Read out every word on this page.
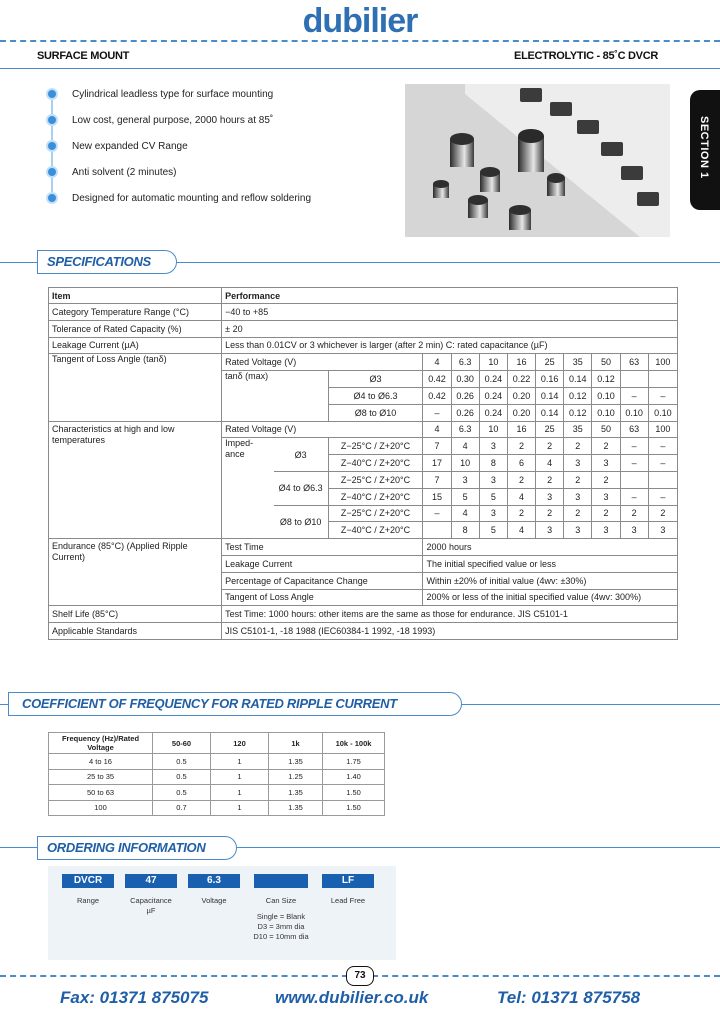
dubilier
SURFACE MOUNT	ELECTROLYTIC - 85˚C DVCR
SECTION 1
Cylindrical leadless type for surface mounting
Low cost, general purpose, 2000 hours at 85˚
New expanded CV Range
Anti solvent (2 minutes)
Designed for automatic mounting and reflow soldering
SPECIFICATIONS
Item	Performance											
Category Temperature Range (°C)	−40 to +85											
Tolerance of Rated Capacity (%)	± 20											
Leakage Current (µA)	Less than 0.01CV or 3 whichever is larger (after 2 min) C: rated capacitance (µF)											
Tangent of Loss Angle (tanδ)	Rated Voltage (V)			4	6.3	10	16	25	35	50	63	100
	tanδ (max)		Ø3	0.42	0.30	0.24	0.22	0.16	0.14	0.12		
			Ø4 to Ø6.3	0.42	0.26	0.24	0.20	0.14	0.12	0.10	–	–
			Ø8 to Ø10	–	0.26	0.24	0.20	0.14	0.12	0.10	0.10	0.10
Characteristics at high and low temperatures	Rated Voltage (V)			4	6.3	10	16	25	35	50	63	100
	Imped- ance	Ø3	Z−25°C / Z+20°C	7	4	3	2	2	2	2	–	–
			Z−40°C / Z+20°C	17	10	8	6	4	3	3	–	–
		Ø4 to Ø6.3	Z−25°C / Z+20°C	7	3	3	2	2	2	2		
			Z−40°C / Z+20°C	15	5	5	4	3	3	3	–	–
		Ø8 to Ø10	Z−25°C / Z+20°C	–	4	3	2	2	2	2	2	2
			Z−40°C / Z+20°C		8	5	4	3	3	3	3	3
Endurance (85°C) (Applied Ripple Current)	Test Time			2000 hours								
	Leakage Current			The initial specified value or less								
	Percentage of Capacitance Change			Within ±20% of initial value (4wv: ±30%)								
	Tangent of Loss Angle			200% or less of the initial specified value (4wv: 300%)								
Shelf Life (85°C)	Test Time: 1000 hours: other items are the same as those for endurance. JIS C5101-1											
Applicable Standards	JIS C5101-1, -18 1988 (IEC60384-1 1992, -18 1993)											
COEFFICIENT OF FREQUENCY FOR RATED RIPPLE CURRENT
Frequency (Hz)/Rated Voltage	50-60	120	1k	10k - 100k
4 to 16	0.5	1	1.35	1.75
25 to 35	0.5	1	1.25	1.40
50 to 63	0.5	1	1.35	1.50
100	0.7	1	1.35	1.50
ORDERING INFORMATION
DVCR	47	6.3	LF
Range	Capacitance
µF
Voltage	Can Size
Single = Blank
D3 = 3mm dia
D10 = 10mm dia
Lead Free
73
Fax: 01371 875075	www.dubilier.co.uk	Tel: 01371 875758
